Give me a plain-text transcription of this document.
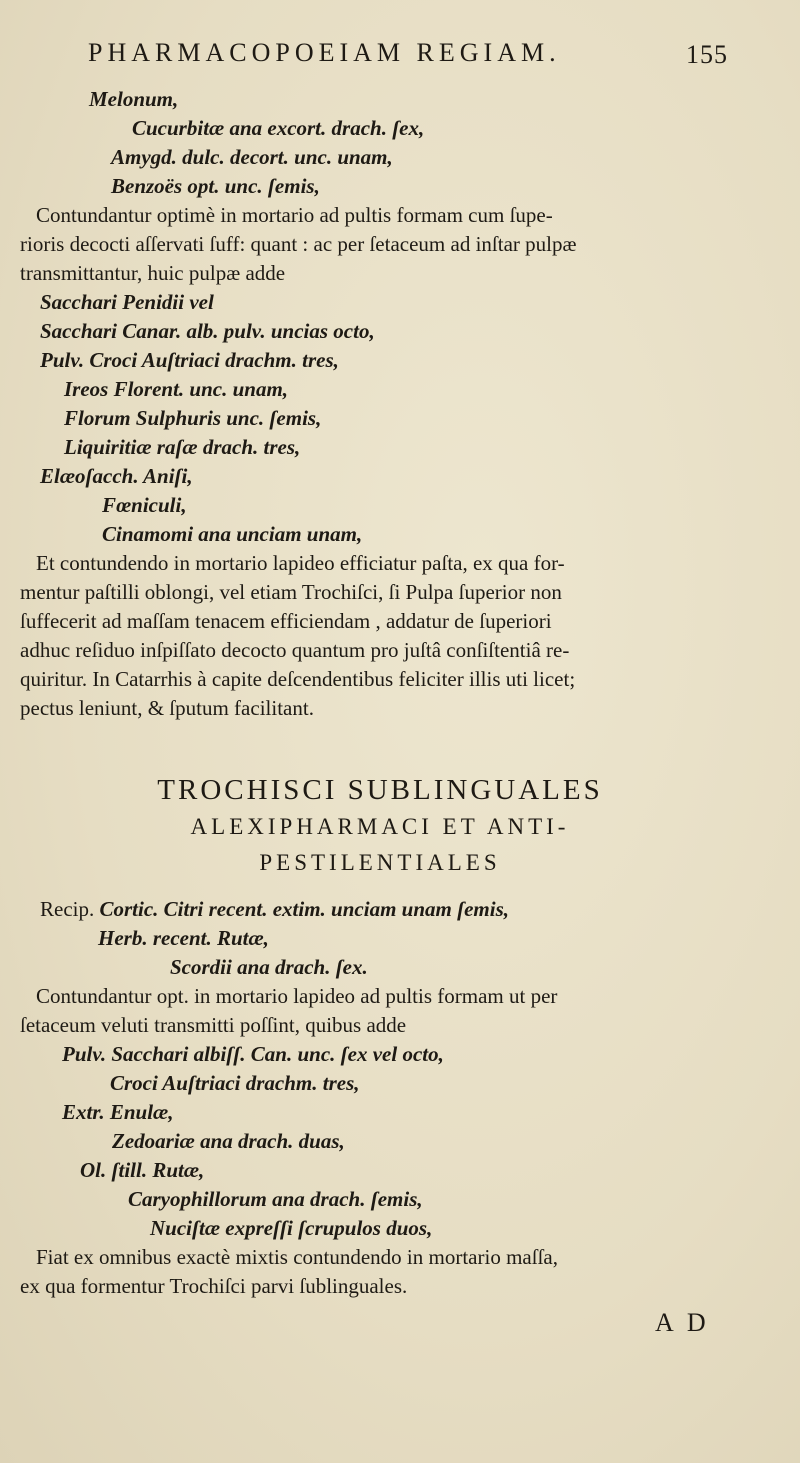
PHARMACOPOEIAM REGIAM.	155
Melonum,
Cucurbitæ ana excort. drach. ſex,
Amygd. dulc. decort. unc. unam,
Benzoës opt. unc. ſemis,
Contundantur optimè in mortario ad pultis formam cum ſupe-
rioris decocti aſſervati ſuff: quant : ac per ſetaceum ad inſtar pulpæ
transmittantur, huic pulpæ adde
Sacchari Penidii vel
Sacchari Canar. alb. pulv. uncias octo,
Pulv. Croci Auſtriaci drachm. tres,
Ireos Florent. unc. unam,
Florum Sulphuris unc. ſemis,
Liquiritiæ raſæ drach. tres,
Elæoſacch. Aniſi,
Fœniculi,
Cinamomi ana unciam unam,
Et contundendo in mortario lapideo efficiatur paſta, ex qua for-
mentur paſtilli oblongi, vel etiam Trochiſci, ſi Pulpa ſuperior non
ſuffecerit ad maſſam tenacem efficiendam , addatur de ſuperiori
adhuc reſiduo inſpiſſato decocto quantum pro juſtâ conſiſtentiâ re-
quiritur. In Catarrhis à capite deſcendentibus feliciter illis uti licet;
pectus leniunt, & ſputum facilitant.
TROCHISCI SUBLINGUALES
ALEXIPHARMACI ET ANTI-
PESTILENTIALES
Recip. Cortic. Citri recent. extim. unciam unam ſemis,
Herb. recent. Rutæ,
Scordii ana drach. ſex.
Contundantur opt. in mortario lapideo ad pultis formam ut per
ſetaceum veluti transmitti poſſint, quibus adde
Pulv. Sacchari albiſſ. Can. unc. ſex vel octo,
Croci Auſtriaci drachm. tres,
Extr. Enulæ,
Zedoariæ ana drach. duas,
Ol. ſtill. Rutæ,
Caryophillorum ana drach. ſemis,
Nuciſtæ expreſſi ſcrupulos duos,
Fiat ex omnibus exactè mixtis contundendo in mortario maſſa,
ex qua formentur Trochiſci parvi ſublinguales.
A D
